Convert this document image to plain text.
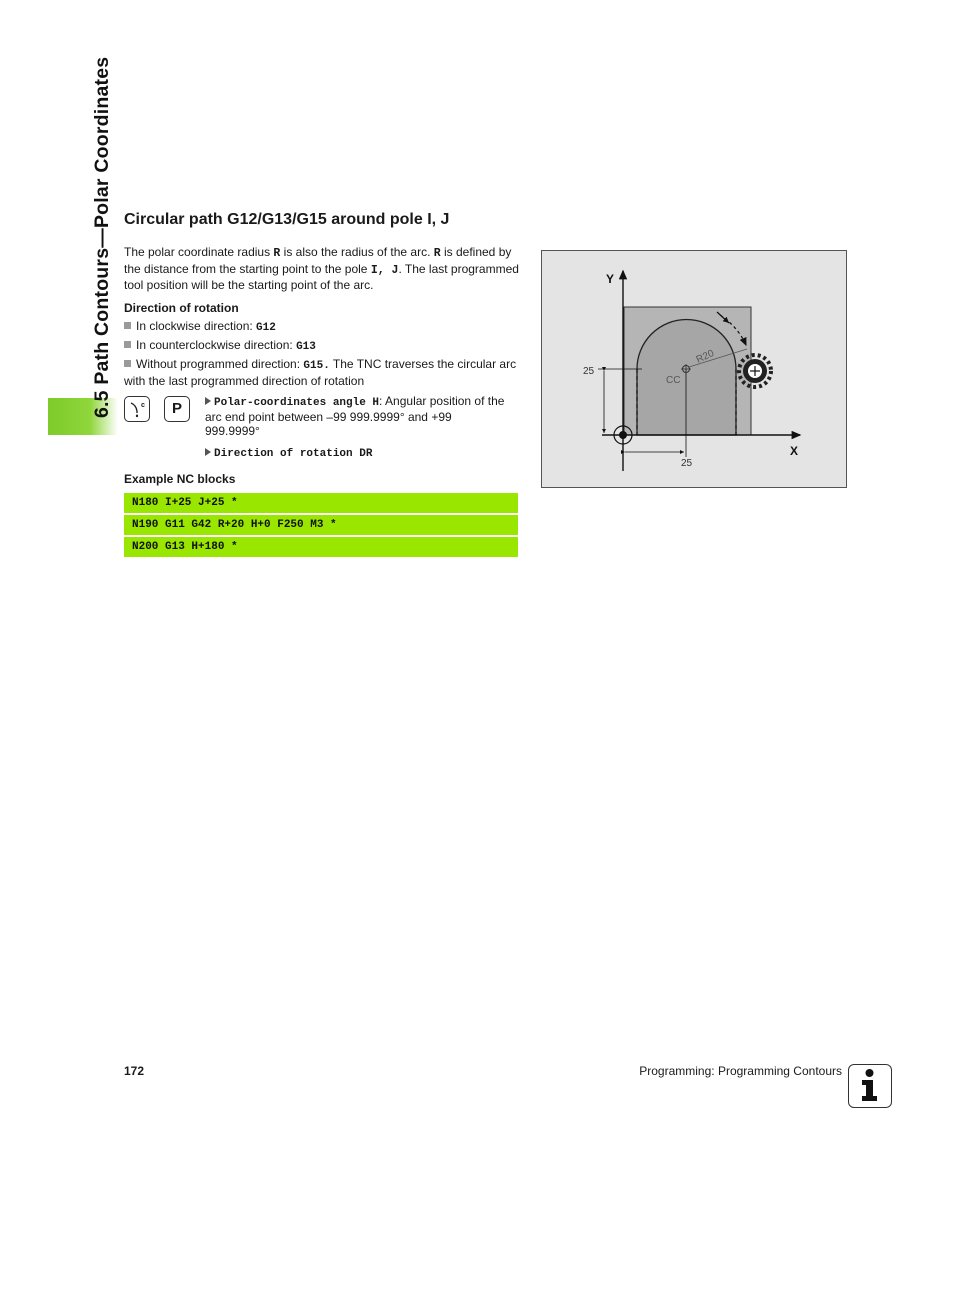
6.5 Path Contours—Polar Coordinates Circular path G12/G13/G15 around pole I, J
The polar coordinate radius R is also the radius of the arc. R is defined by the distance from the starting point to the pole I, J. The last programmed tool position will be the starting point of the arc.
Direction of rotation
In clockwise direction: G12
In counterclockwise direction: G13
Without programmed direction: G15. The TNC traverses the circular arc with the last programmed direction of rotation
c	P	Polar-coordinates angle H: Angular position of the arc end point between –99 999.9999° and +99 999.9999°
Direction of rotation DR
Example NC blocks
N180 I+25 J+25 *
N190 G11 G42 R+20 H+0 F250 M3 *
N200 G13 H+180 *
Y
X
25
25
CC
R20
172	Programming: Programming Contours
